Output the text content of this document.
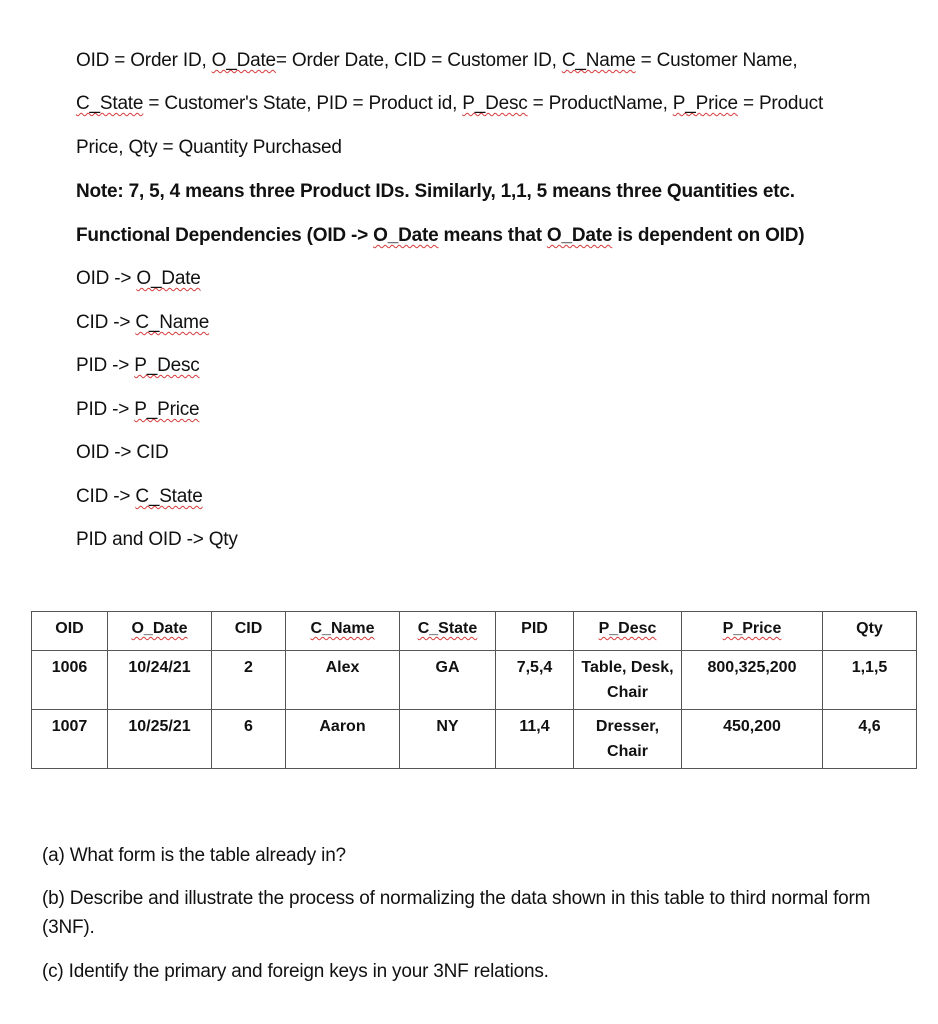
OID = Order ID, O_Date= Order Date, CID = Customer ID, C_Name = Customer Name,
C_State = Customer's State, PID = Product id, P_Desc = ProductName, P_Price = Product
Price, Qty = Quantity Purchased
Note: 7, 5, 4 means three Product IDs. Similarly, 1,1, 5 means three Quantities etc.
Functional Dependencies (OID -> O_Date means that O_Date is dependent on OID)
OID -> O_Date
CID -> C_Name
PID -> P_Desc
PID -> P_Price
OID -> CID
CID -> C_State
PID and OID -> Qty
OID	O_Date	CID	C_Name	C_State	PID	P_Desc	P_Price	Qty
1006	10/24/21	2	Alex	GA	7,5,4	Table, Desk, Chair	800,325,200	1,1,5
1007	10/25/21	6	Aaron	NY	11,4	Dresser, Chair	450,200	4,6
(a) What form is the table already in?
(b) Describe and illustrate the process of normalizing the data shown in this table to third normal form (3NF).
(c) Identify the primary and foreign keys in your 3NF relations.
